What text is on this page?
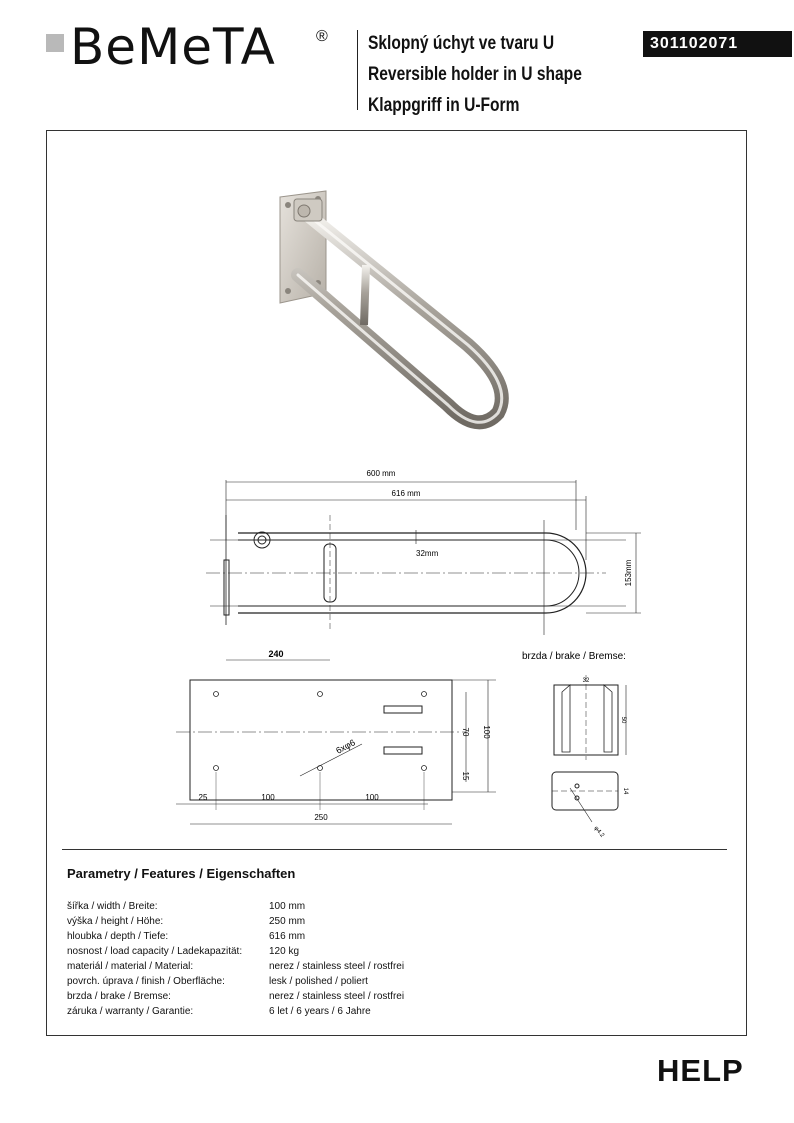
BeMeTA	® Sklopný úchyt ve tvaru U
Reversible holder in U shape
Klappgriff in U-Form
301102071
600 mm
616 mm
32mm
153mm
240	brzda / brake / Bremse:
6xφ6
70 100
15
25	100	100
250
32
50
14
φ4.2
Parametry / Features / Eigenschaften
šířka / width / Breite:	100 mm
výška / height / Höhe:	250 mm
hloubka / depth / Tiefe:	616 mm
nosnost / load capacity / Ladekapazität:	120 kg
materiál / material / Material:	nerez / stainless steel / rostfrei
povrch. úprava / finish / Oberfläche:	lesk / polished / poliert
brzda / brake / Bremse:	nerez / stainless steel / rostfrei
záruka / warranty / Garantie:	6 let / 6 years / 6 Jahre
HELP
